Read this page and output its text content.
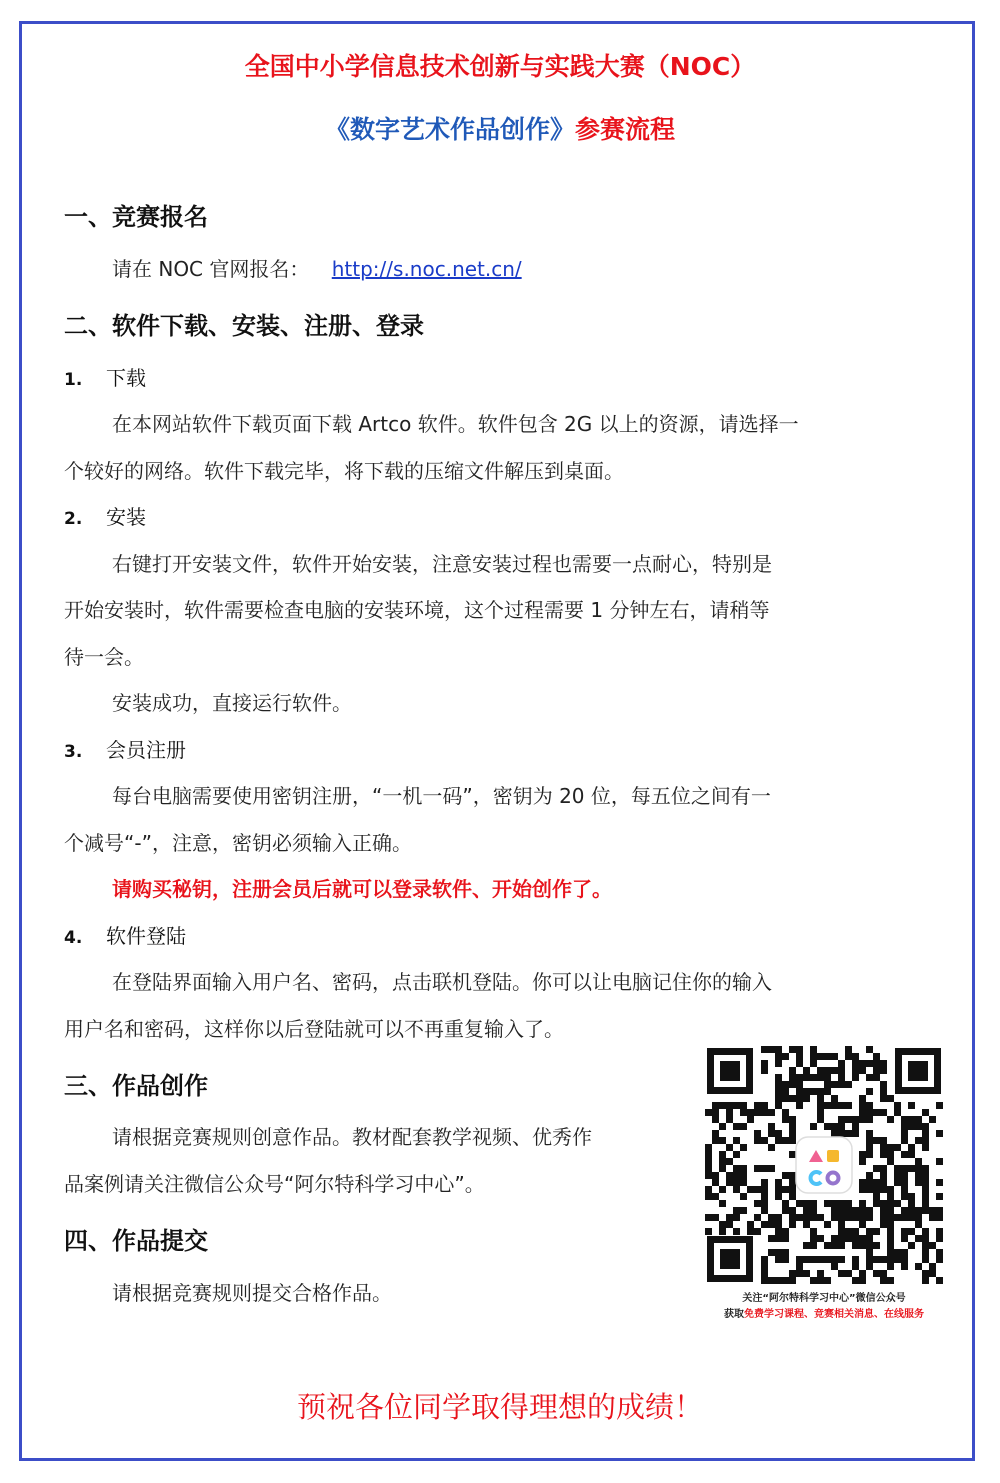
全国中小学信息技术创新与实践大赛（NOC）
《数字艺术作品创作》参赛流程
一、竞赛报名
请在 NOC 官网报名： http://s.noc.net.cn/
二、软件下载、安装、注册、登录
1. 下载
在本网站软件下载页面下载 Artco 软件。软件包含 2G 以上的资源，请选择一
个较好的网络。软件下载完毕，将下载的压缩文件解压到桌面。
2. 安装
右键打开安装文件，软件开始安装，注意安装过程也需要一点耐心，特别是
开始安装时，软件需要检查电脑的安装环境，这个过程需要 1 分钟左右，请稍等
待一会。
安装成功，直接运行软件。
3. 会员注册
每台电脑需要使用密钥注册，“一机一码”，密钥为 20 位，每五位之间有一
个减号“-”，注意，密钥必须输入正确。
请购买秘钥，注册会员后就可以登录软件、开始创作了。
4. 软件登陆
在登陆界面输入用户名、密码，点击联机登陆。你可以让电脑记住你的输入
用户名和密码，这样你以后登陆就可以不再重复输入了。
三、作品创作
请根据竞赛规则创意作品。教材配套教学视频、优秀作
品案例请关注微信公众号“阿尔特科学习中心”。
四、作品提交
请根据竞赛规则提交合格作品。	关注“阿尔特科学习中心”微信公众号
获取免费学习课程、竞赛相关消息、在线服务
预祝各位同学取得理想的成绩！
